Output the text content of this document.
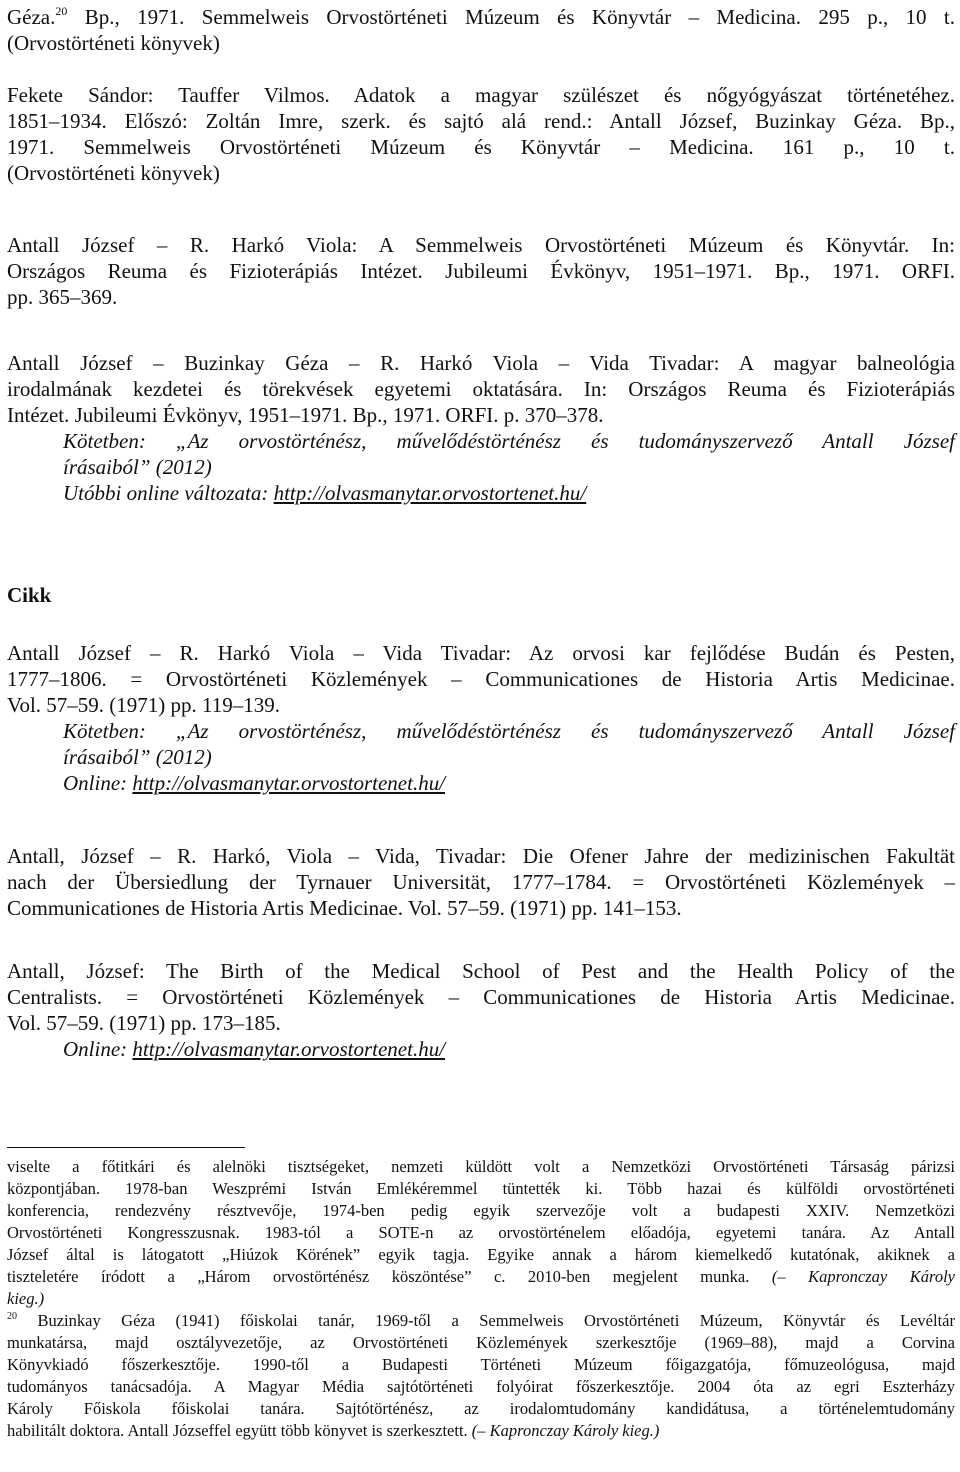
Géza.$^{20}$ Bp., 1971. Semmelweis Orvostörténeti Múzeum és Könyvtár – Medicina. 295 p., 10 t.
(Orvostörténeti könyvek)
Fekete Sándor: Tauffer Vilmos. Adatok a magyar szülészet és nőgyógyászat történetéhez.
1851–1934. Előszó: Zoltán Imre, szerk. és sajtó alá rend.: Antall József, Buzinkay Géza. Bp.,
1971. Semmelweis Orvostörténeti Múzeum és Könyvtár – Medicina. 161 p., 10 t.
(Orvostörténeti könyvek)
Antall József – R. Harkó Viola: A Semmelweis Orvostörténeti Múzeum és Könyvtár. In:
Országos Reuma és Fizioterápiás Intézet. Jubileumi Évkönyv, 1951–1971. Bp., 1971. ORFI.
pp. 365–369.
Antall József – Buzinkay Géza – R. Harkó Viola – Vida Tivadar: A magyar balneológia
irodalmának kezdetei és törekvések egyetemi oktatására. In: Országos Reuma és Fizioterápiás
Intézet. Jubileumi Évkönyv, 1951–1971. Bp., 1971. ORFI. p. 370–378.
Kötetben: „Az orvostörténész, művelődéstörténész és tudományszervező Antall József
írásaiból” (2012)
Utóbbi online változata: http://olvasmanytar.orvostortenet.hu/
Cikk
Antall József – R. Harkó Viola – Vida Tivadar: Az orvosi kar fejlődése Budán és Pesten,
1777–1806. = Orvostörténeti Közlemények – Communicationes de Historia Artis Medicinae.
Vol. 57–59. (1971) pp. 119–139.
Kötetben: „Az orvostörténész, művelődéstörténész és tudományszervező Antall József
írásaiból” (2012)
Online: http://olvasmanytar.orvostortenet.hu/
Antall, József – R. Harkó, Viola – Vida, Tivadar: Die Ofener Jahre der medizinischen Fakultät
nach der Übersiedlung der Tyrnauer Universität, 1777–1784. = Orvostörténeti Közlemények –
Communicationes de Historia Artis Medicinae. Vol. 57–59. (1971) pp. 141–153.
Antall, József: The Birth of the Medical School of Pest and the Health Policy of the
Centralists. = Orvostörténeti Közlemények – Communicationes de Historia Artis Medicinae.
Vol. 57–59. (1971) pp. 173–185.
Online: http://olvasmanytar.orvostortenet.hu/
viselte a főtitkári és alelnöki tisztségeket, nemzeti küldött volt a Nemzetközi Orvostörténeti Társaság párizsi
központjában. 1978-ban Weszprémi István Emlékéremmel tüntették ki. Több hazai és külföldi orvostörténeti
konferencia, rendezvény résztvevője, 1974-ben pedig egyik szervezője volt a budapesti XXIV. Nemzetközi
Orvostörténeti Kongresszusnak. 1983-tól a SOTE-n az orvostörténelem előadója, egyetemi tanára. Az Antall
József által is látogatott „Hiúzok Körének” egyik tagja. Egyike annak a három kiemelkedő kutatónak, akiknek a
tiszteletére íródott a „Három orvostörténész köszöntése” c. 2010-ben megjelent munka. (– Kapronczay Károly
kieg.)
$^{20}$ Buzinkay Géza (1941) főiskolai tanár, 1969-től a Semmelweis Orvostörténeti Múzeum, Könyvtár és Levéltár
munkatársa, majd osztályvezetője, az Orvostörténeti Közlemények szerkesztője (1969–88), majd a Corvina
Könyvkiadó főszerkesztője. 1990-től a Budapesti Történeti Múzeum főigazgatója, főmuzeológusa, majd
tudományos tanácsadója. A Magyar Média sajtótörténeti folyóirat főszerkesztője. 2004 óta az egri Eszterházy
Károly Főiskola főiskolai tanára. Sajtótörténész, az irodalomtudomány kandidátusa, a történelemtudomány
habilitált doktora. Antall Józseffel együtt több könyvet is szerkesztett. (– Kapronczay Károly kieg.)
